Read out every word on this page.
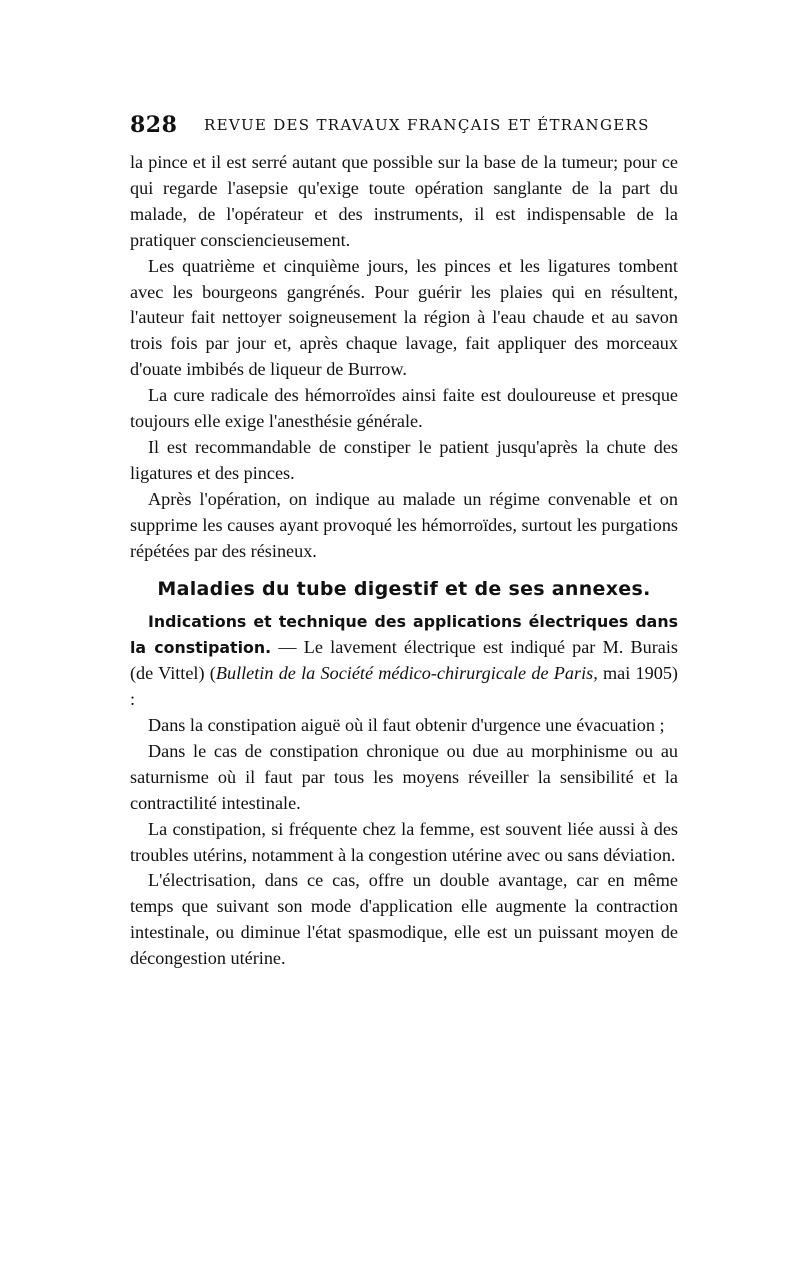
828 REVUE DES TRAVAUX FRANÇAIS ET ÉTRANGERS

la pince et il est serré autant que possible sur la base de la tumeur; pour ce qui regarde l'asepsie qu'exige toute opération sanglante de la part du malade, de l'opérateur et des instruments, il est indispensable de la pratiquer consciencieusement.

Les quatrième et cinquième jours, les pinces et les ligatures tombent avec les bourgeons gangrénés. Pour guérir les plaies qui en résultent, l'auteur fait nettoyer soigneusement la région à l'eau chaude et au savon trois fois par jour et, après chaque lavage, fait appliquer des morceaux d'ouate imbibés de liqueur de Burrow.

La cure radicale des hémorroïdes ainsi faite est douloureuse et presque toujours elle exige l'anesthésie générale.

Il est recommandable de constiper le patient jusqu'après la chute des ligatures et des pinces.

Après l'opération, on indique au malade un régime convenable et on supprime les causes ayant provoqué les hémorroïdes, surtout les purgations répétées par des résineux.

Maladies du tube digestif et de ses annexes.

Indications et technique des applications électriques dans la constipation. — Le lavement électrique est indiqué par M. Burais (de Vittel) (Bulletin de la Société médico-chirurgicale de Paris, mai 1905) :

Dans la constipation aiguë où il faut obtenir d'urgence une évacuation ;

Dans le cas de constipation chronique ou due au morphinisme ou au saturnisme où il faut par tous les moyens réveiller la sensibilité et la contractilité intestinale.

La constipation, si fréquente chez la femme, est souvent liée aussi à des troubles utérins, notamment à la congestion utérine avec ou sans déviation.

L'électrisation, dans ce cas, offre un double avantage, car en même temps que suivant son mode d'application elle augmente la contraction intestinale, ou diminue l'état spasmodique, elle est un puissant moyen de décongestion utérine.
